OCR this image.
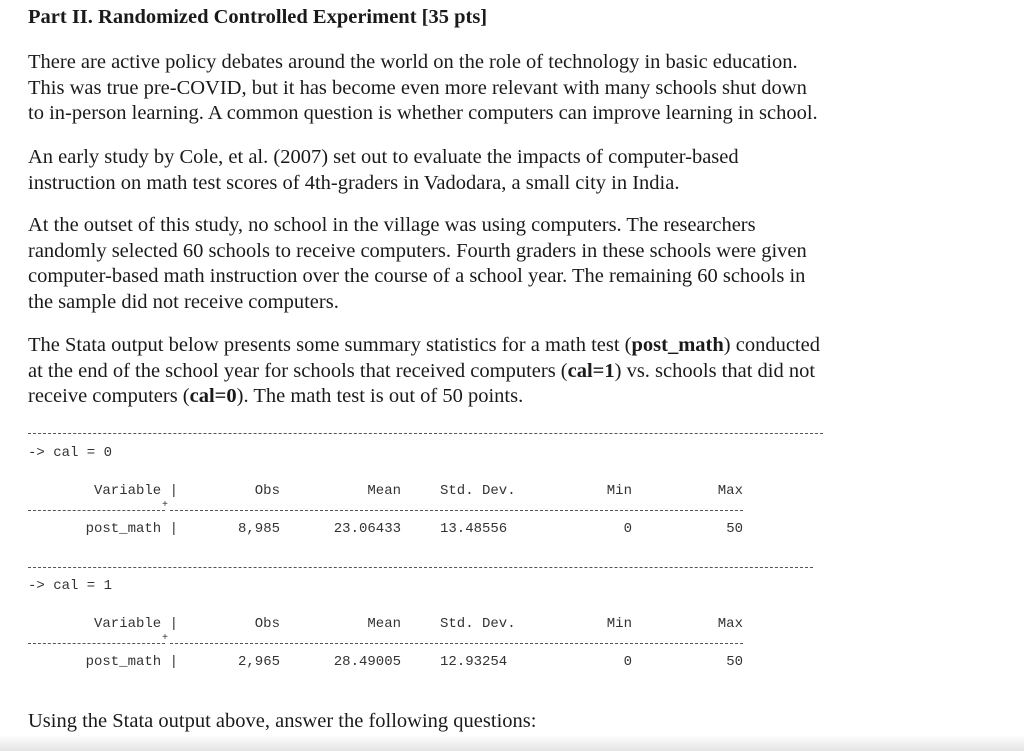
Part II. Randomized Controlled Experiment [35 pts]
There are active policy debates around the world on the role of technology in basic education.
This was true pre-COVID, but it has become even more relevant with many schools shut down
to in-person learning. A common question is whether computers can improve learning in school.
An early study by Cole, et al. (2007) set out to evaluate the impacts of computer-based
instruction on math test scores of 4th-graders in Vadodara, a small city in India.
At the outset of this study, no school in the village was using computers. The researchers
randomly selected 60 schools to receive computers. Fourth graders in these schools were given
computer-based math instruction over the course of a school year. The remaining 60 schools in
the sample did not receive computers.
The Stata output below presents some summary statistics for a math test (post_math) conducted
at the end of the school year for schools that received computers (cal=1) vs. schools that did not
receive computers (cal=0). The math test is out of 50 points.
-> cal = 0
Variable |	Obs	Mean	Std. Dev.	Min	Max
+
post_math |	8,985	23.06433	13.48556	0	50
-> cal = 1
Variable |	Obs	Mean	Std. Dev.	Min	Max
+
post_math |	2,965	28.49005	12.93254	0	50
Using the Stata output above, answer the following questions:
